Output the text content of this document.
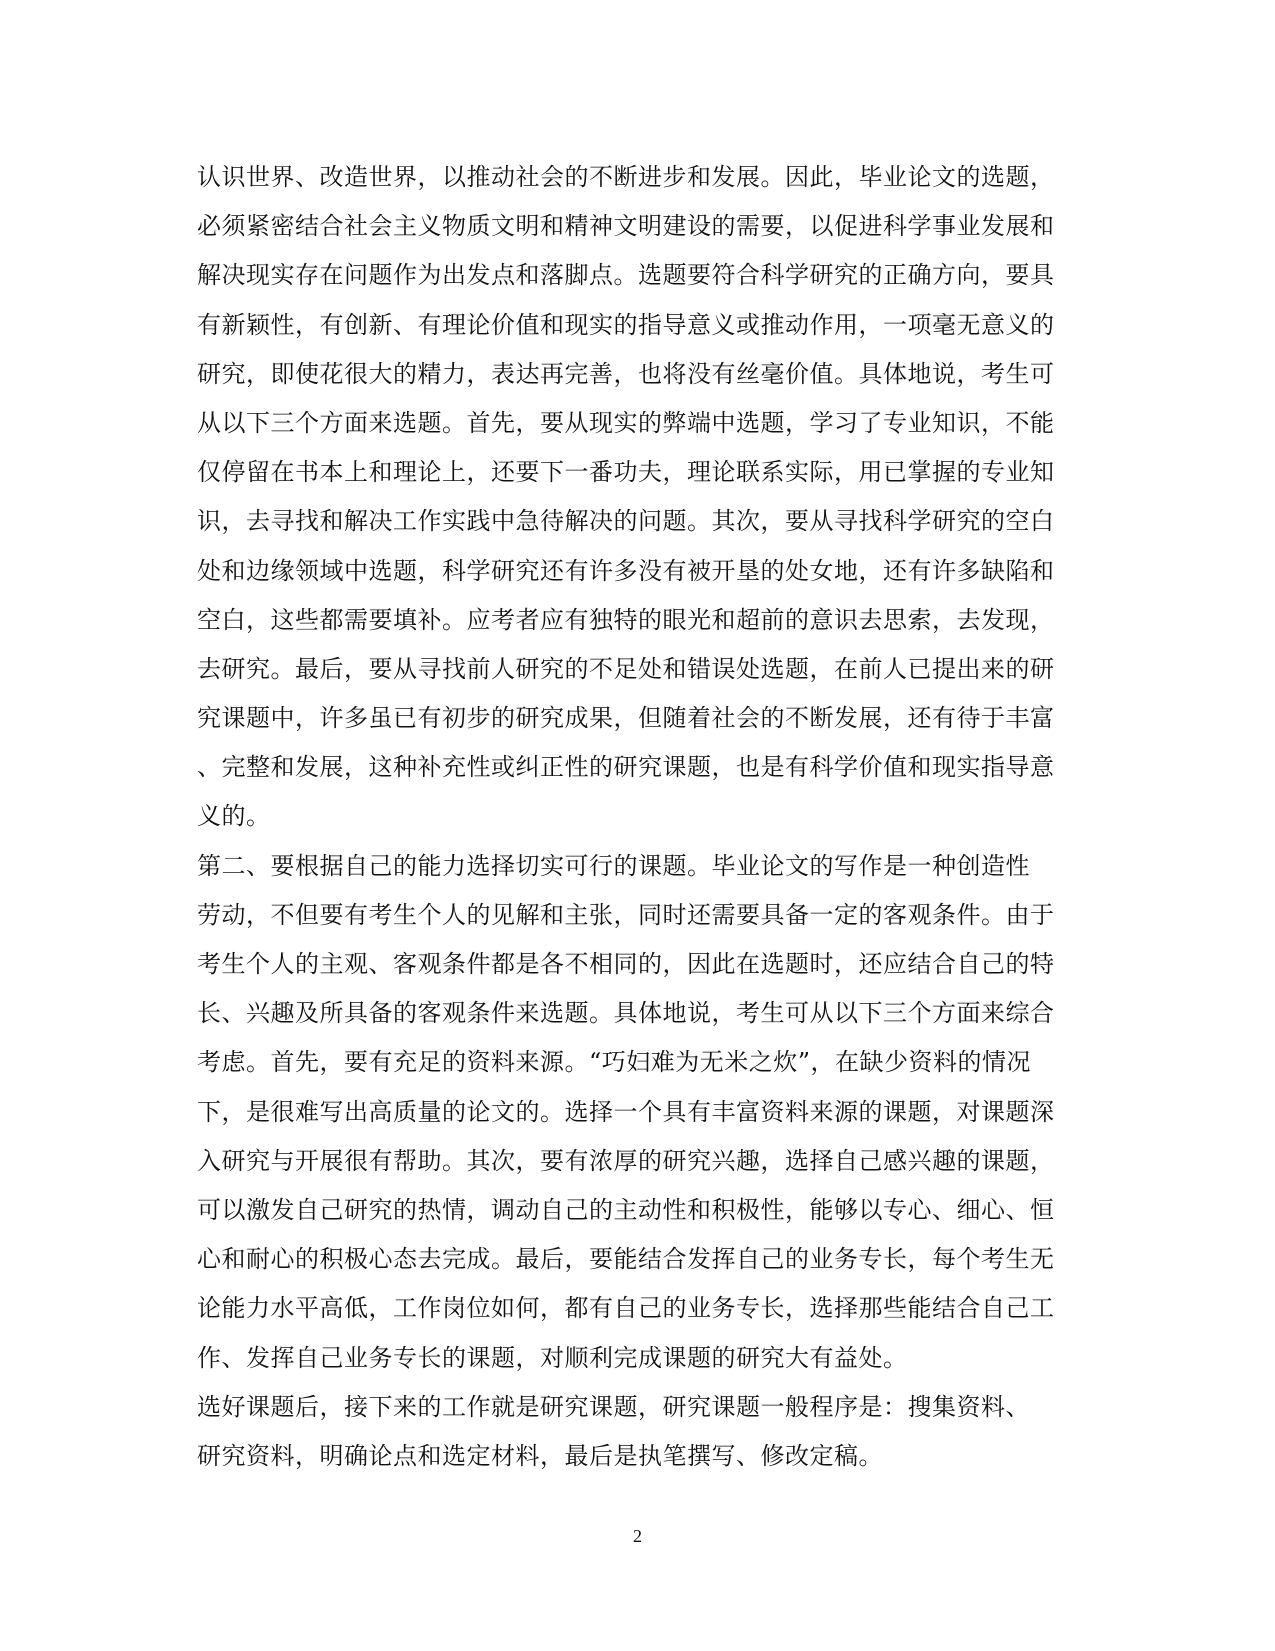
认识世界、改造世界，以推动社会的不断进步和发展。因此，毕业论文的选题，
必须紧密结合社会主义物质文明和精神文明建设的需要，以促进科学事业发展和
解决现实存在问题作为出发点和落脚点。选题要符合科学研究的正确方向，要具
有新颖性，有创新、有理论价值和现实的指导意义或推动作用，一项毫无意义的
研究，即使花很大的精力，表达再完善，也将没有丝毫价值。具体地说，考生可
从以下三个方面来选题。首先，要从现实的弊端中选题，学习了专业知识，不能
仅停留在书本上和理论上，还要下一番功夫，理论联系实际，用已掌握的专业知
识，去寻找和解决工作实践中急待解决的问题。其次，要从寻找科学研究的空白
处和边缘领域中选题，科学研究还有许多没有被开垦的处女地，还有许多缺陷和
空白，这些都需要填补。应考者应有独特的眼光和超前的意识去思索，去发现，
去研究。最后，要从寻找前人研究的不足处和错误处选题，在前人已提出来的研
究课题中，许多虽已有初步的研究成果，但随着社会的不断发展，还有待于丰富
、完整和发展，这种补充性或纠正性的研究课题，也是有科学价值和现实指导意
义的。
第二、要根据自己的能力选择切实可行的课题。毕业论文的写作是一种创造性
劳动，不但要有考生个人的见解和主张，同时还需要具备一定的客观条件。由于
考生个人的主观、客观条件都是各不相同的，因此在选题时，还应结合自己的特
长、兴趣及所具备的客观条件来选题。具体地说，考生可从以下三个方面来综合
考虑。首先，要有充足的资料来源。“巧妇难为无米之炊”，在缺少资料的情况
下，是很难写出高质量的论文的。选择一个具有丰富资料来源的课题，对课题深
入研究与开展很有帮助。其次，要有浓厚的研究兴趣，选择自己感兴趣的课题，
可以激发自己研究的热情，调动自己的主动性和积极性，能够以专心、细心、恒
心和耐心的积极心态去完成。最后，要能结合发挥自己的业务专长，每个考生无
论能力水平高低，工作岗位如何，都有自己的业务专长，选择那些能结合自己工
作、发挥自己业务专长的课题，对顺利完成课题的研究大有益处。
选好课题后，接下来的工作就是研究课题，研究课题一般程序是：搜集资料、
研究资料，明确论点和选定材料，最后是执笔撰写、修改定稿。
2
